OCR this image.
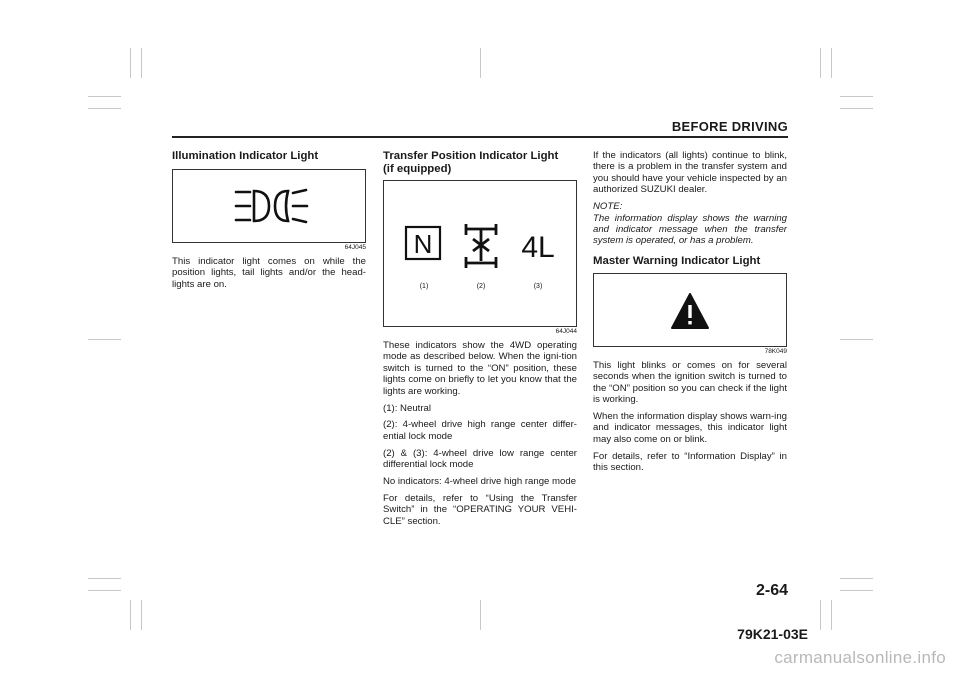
BEFORE DRIVING
Illumination Indicator Light
64J045

This indicator light comes on while the position lights, tail lights and/or the head-lights are on.

Transfer Position Indicator Light
(if equipped)
(1)	(2)	(3)
N	4L
64J044

These indicators show the 4WD operating mode as described below. When the igni-tion switch is turned to the “ON” position, these lights come on briefly to let you know that the lights are working.

(1): Neutral

(2): 4-wheel drive high range center differ-ential lock mode

(2) & (3): 4-wheel drive low range center differential lock mode

No indicators: 4-wheel drive high range mode

For details, refer to “Using the Transfer Switch” in the “OPERATING YOUR VEHI-CLE” section.

If the indicators (all lights) continue to blink, there is a problem in the transfer system and you should have your vehicle inspected by an authorized SUZUKI dealer.

NOTE:
The information display shows the warning and indicator message when the transfer system is operated, or has a problem.
Master Warning Indicator Light
78K049

This light blinks or comes on for several seconds when the ignition switch is turned to the “ON” position so you can check if the light is working.

When the information display shows warn-ing and indicator messages, this indicator light may also come on or blink.

For details, refer to “Information Display” in this section.

2-64
79K21-03E
carmanualsonline.info
